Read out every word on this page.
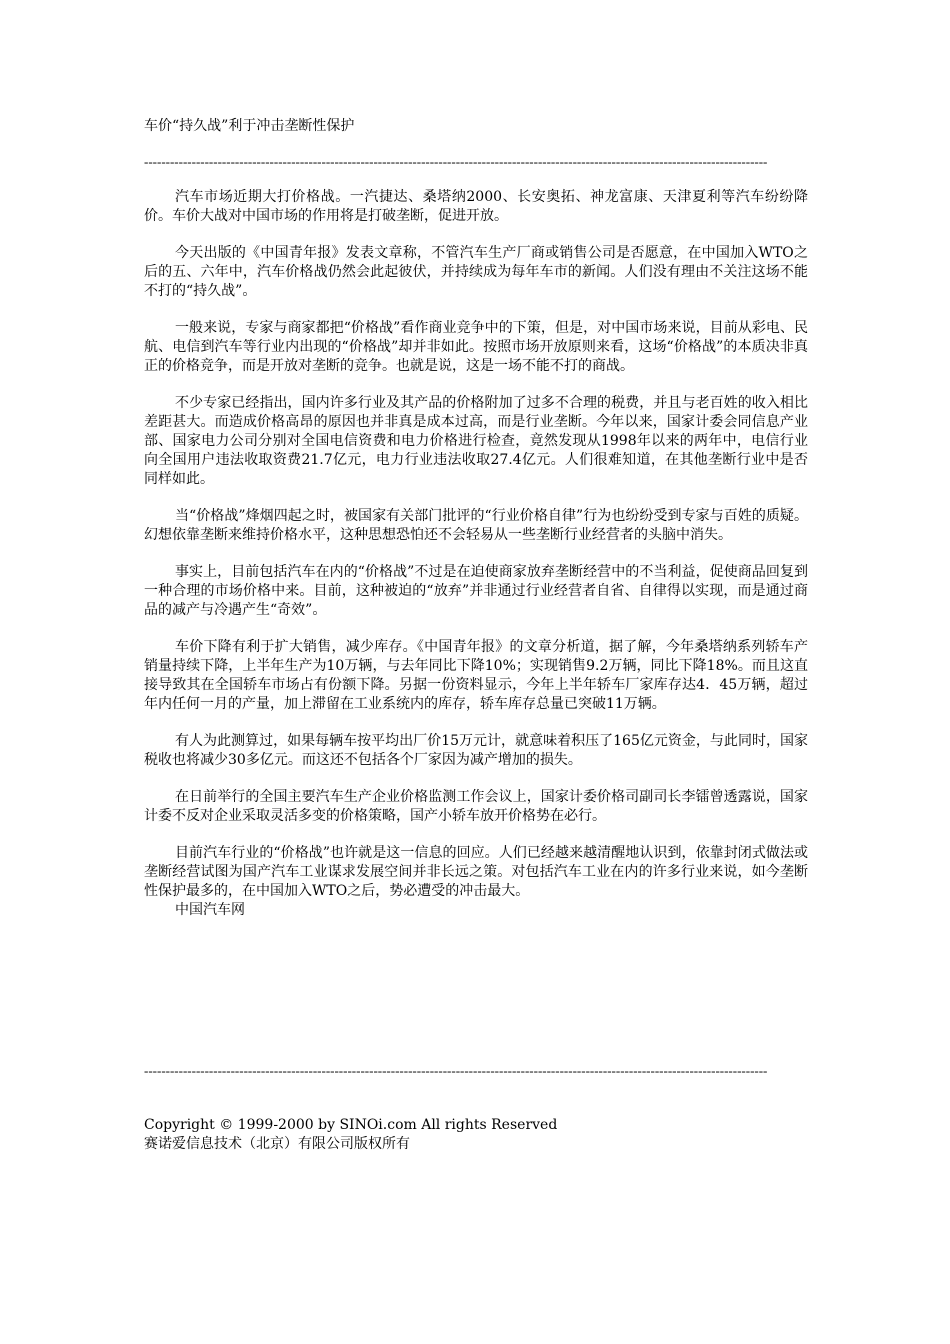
车价“持久战”利于冲击垄断性保护
------------------------------------------------------------------------------------------------------------------------------------------------

汽车市场近期大打价格战。一汽捷达、桑塔纳2000、长安奥拓、神龙富康、天津夏利等汽车纷纷降价。车价大战对中国市场的作用将是打破垄断，促进开放。

今天出版的《中国青年报》发表文章称，不管汽车生产厂商或销售公司是否愿意，在中国加入WTO之后的五、六年中，汽车价格战仍然会此起彼伏，并持续成为每年车市的新闻。人们没有理由不关注这场不能不打的“持久战”。

一般来说，专家与商家都把“价格战”看作商业竞争中的下策，但是，对中国市场来说，目前从彩电、民航、电信到汽车等行业内出现的“价格战”却并非如此。按照市场开放原则来看，这场“价格战”的本质决非真正的价格竞争，而是开放对垄断的竞争。也就是说，这是一场不能不打的商战。

不少专家已经指出，国内许多行业及其产品的价格附加了过多不合理的税费，并且与老百姓的收入相比差距甚大。而造成价格高昂的原因也并非真是成本过高，而是行业垄断。今年以来，国家计委会同信息产业部、国家电力公司分别对全国电信资费和电力价格进行检查，竟然发现从1998年以来的两年中，电信行业向全国用户违法收取资费21.7亿元，电力行业违法收取27.4亿元。人们很难知道，在其他垄断行业中是否同样如此。

当“价格战”烽烟四起之时，被国家有关部门批评的“行业价格自律”行为也纷纷受到专家与百姓的质疑。幻想依靠垄断来维持价格水平，这种思想恐怕还不会轻易从一些垄断行业经营者的头脑中消失。

事实上，目前包括汽车在内的“价格战”不过是在迫使商家放弃垄断经营中的不当利益，促使商品回复到一种合理的市场价格中来。目前，这种被迫的“放弃”并非通过行业经营者自省、自律得以实现，而是通过商品的减产与冷遇产生“奇效”。

车价下降有利于扩大销售，减少库存。《中国青年报》的文章分析道，据了解，今年桑塔纳系列轿车产销量持续下降，上半年生产为10万辆，与去年同比下降10%；实现销售9.2万辆，同比下降18%。而且这直接导致其在全国轿车市场占有份额下降。另据一份资料显示，今年上半年轿车厂家库存达4．45万辆，超过年内任何一月的产量，加上滞留在工业系统内的库存，轿车库存总量已突破11万辆。

有人为此测算过，如果每辆车按平均出厂价15万元计，就意味着积压了165亿元资金，与此同时，国家税收也将减少30多亿元。而这还不包括各个厂家因为减产增加的损失。

在日前举行的全国主要汽车生产企业价格监测工作会议上，国家计委价格司副司长李镭曾透露说，国家计委不反对企业采取灵活多变的价格策略，国产小轿车放开价格势在必行。

目前汽车行业的“价格战”也许就是这一信息的回应。人们已经越来越清醒地认识到，依靠封闭式做法或垄断经营试图为国产汽车工业谋求发展空间并非长远之策。对包括汽车工业在内的许多行业来说，如今垄断性保护最多的，在中国加入WTO之后，势必遭受的冲击最大。

中国汽车网

------------------------------------------------------------------------------------------------------------------------------------------------
Copyright © 1999-2000 by SINOi.com All rights Reserved
赛诺爱信息技术（北京）有限公司版权所有
